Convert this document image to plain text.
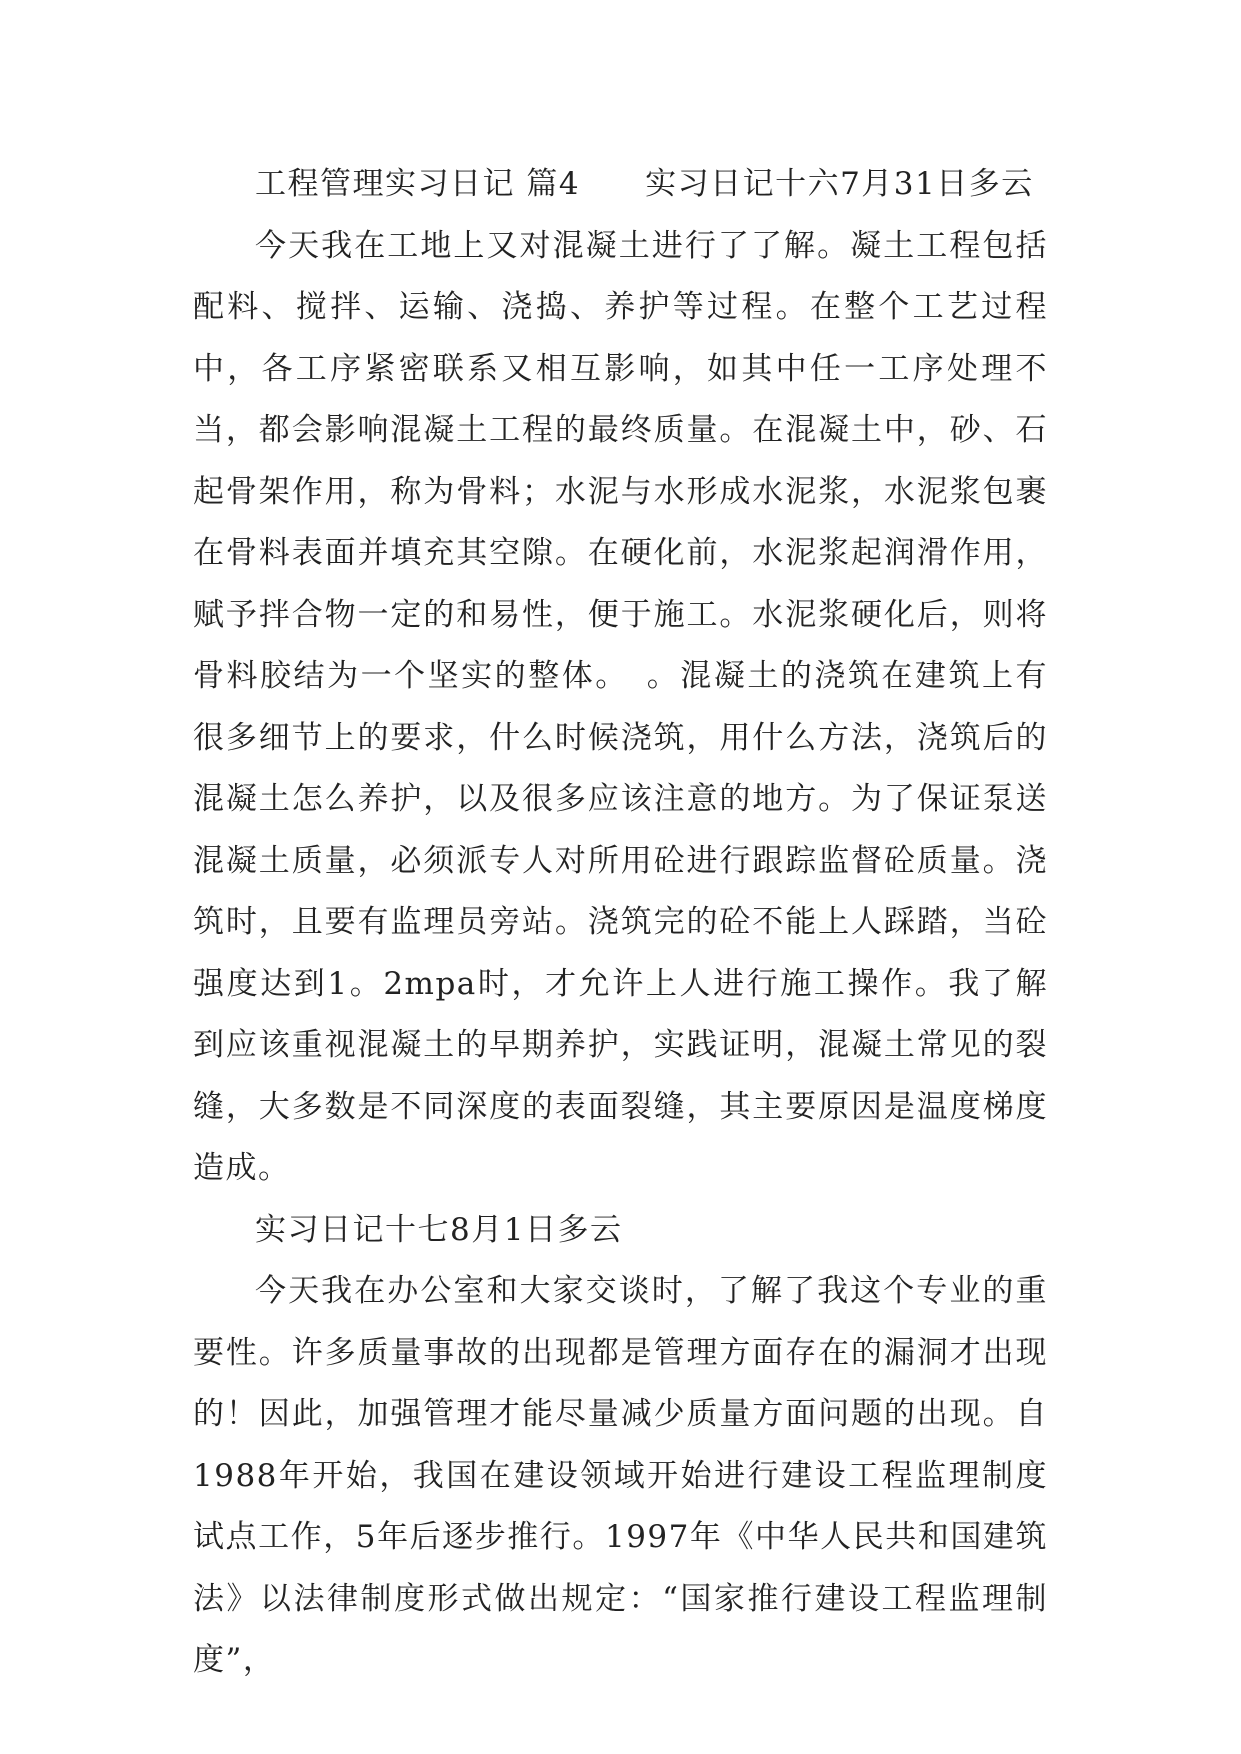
工程管理实习日记 篇4　　实习日记十六7月31日多云

今天我在工地上又对混凝土进行了了解。凝土工程包括配料、搅拌、运输、浇捣、养护等过程。在整个工艺过程中，各工序紧密联系又相互影响，如其中任一工序处理不当，都会影响混凝土工程的最终质量。在混凝土中，砂、石起骨架作用，称为骨料；水泥与水形成水泥浆，水泥浆包裹在骨料表面并填充其空隙。在硬化前，水泥浆起润滑作用，赋予拌合物一定的和易性，便于施工。水泥浆硬化后，则将骨料胶结为一个坚实的整体。　。混凝土的浇筑在建筑上有很多细节上的要求，什么时候浇筑，用什么方法，浇筑后的混凝土怎么养护，以及很多应该注意的地方。为了保证泵送混凝土质量，必须派专人对所用砼进行跟踪监督砼质量。浇筑时，且要有监理员旁站。浇筑完的砼不能上人踩踏，当砼强度达到1。2mpa时，才允许上人进行施工操作。我了解到应该重视混凝土的早期养护，实践证明，混凝土常见的裂缝，大多数是不同深度的表面裂缝，其主要原因是温度梯度造成。

实习日记十七8月1日多云

今天我在办公室和大家交谈时，了解了我这个专业的重要性。许多质量事故的出现都是管理方面存在的漏洞才出现的！因此，加强管理才能尽量减少质量方面问题的出现。自1988年开始，我国在建设领域开始进行建设工程监理制度试点工作，5年后逐步推行。1997年《中华人民共和国建筑法》以法律制度形式做出规定：“国家推行建设工程监理制度”，
